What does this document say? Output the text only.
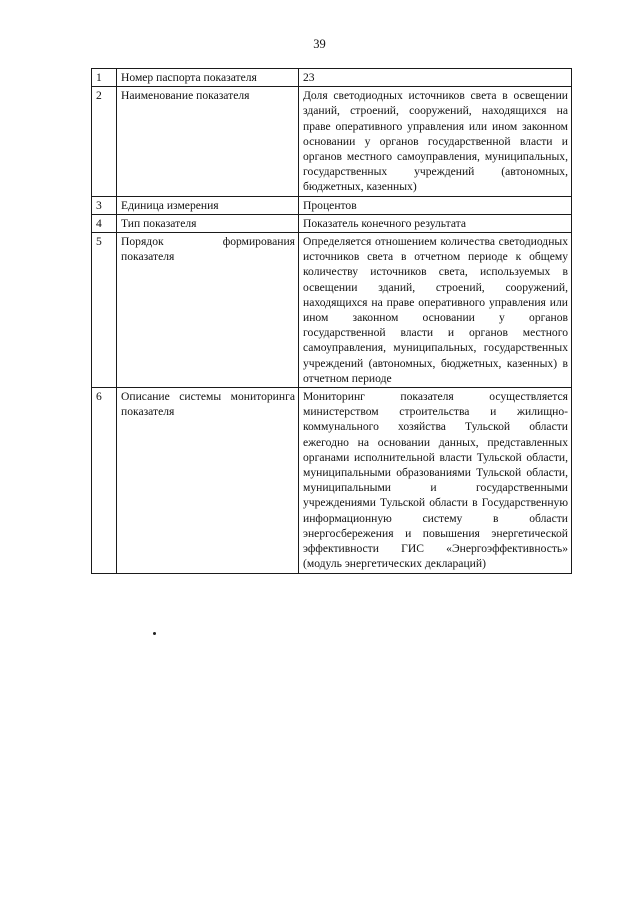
39
1	Номер паспорта показателя	23
2	Наименование показателя	Доля светодиодных источников света в освещении зданий, строений, сооружений, находящихся на праве оперативного управления или ином законном основании у органов государственной власти и органов местного самоуправления, муниципальных, государственных учреждений (автономных, бюджетных, казенных)
3	Единица измерения	Процентов
4	Тип показателя	Показатель конечного результата
5	Порядок формирования показателя	Определяется отношением количества светодиодных источников света в отчетном периоде к общему количеству источников света, используемых в освещении зданий, строений, сооружений, находящихся на праве оперативного управления или ином законном основании у органов государственной власти и органов местного самоуправления, муниципальных, государственных учреждений (автономных, бюджетных, казенных) в отчетном периоде
6	Описание системы мониторинга показателя	Мониторинг показателя осуществляется министерством строительства и жилищно-коммунального хозяйства Тульской области ежегодно на основании данных, представленных органами исполнительной власти Тульской области, муниципальными образованиями Тульской области, муниципальными и государственными учреждениями Тульской области в Государственную информационную систему в области энергосбережения и повышения энергетической эффективности ГИС «Энергоэффективность» (модуль энергетических деклараций)
